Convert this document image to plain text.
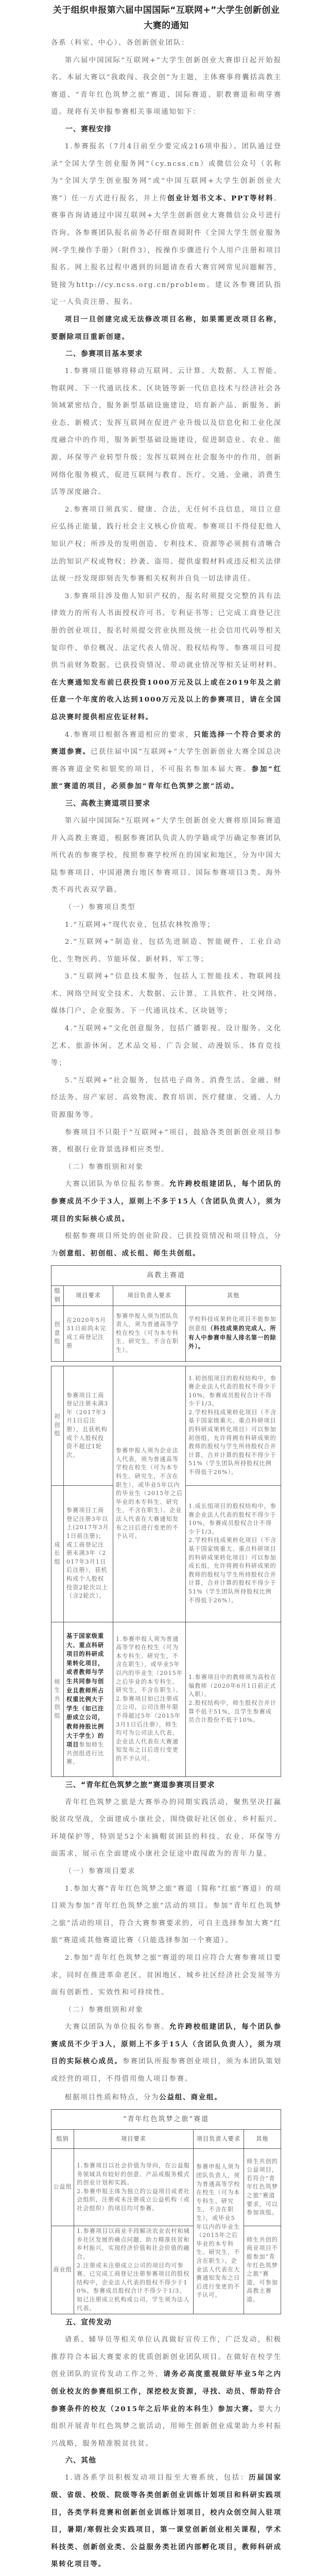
关于组织申报第六届中国国际“互联网+”大学生创新创业大赛的通知

各系（科室、中心）、各创新创业团队：

第六届中国国际“互联网+”大学生创新创业大赛即日起开始报名。本届大赛以“我敢闯、我会创”为主题，主体赛事将囊括高教主赛道、“青年红色筑梦之旅”赛道、国际赛道、职教赛道和萌芽赛道。现将有关申报参赛相关事项通知如下：

一、赛程安排

1.参赛报名（7月4日前至少要完成216项申报）。团队通过登录“全国大学生创业服务网”（cy.ncss.cn）或微信公众号（名称为“全国大学生创业服务网”或“中国互联网+大学生创新创业大赛”）任一方式进行报名，并上传创业计划书文本、PPT等材料。赛事咨询请通过中国互联网+大学生创新创业大赛微信公众号进行咨询。各参赛团队报名前务必仔细查阅附件《全国大学生创业服务网-学生操作手册》（附件3），按操作步骤进行个人用户注册和项目报名。网上报名过程中遇到的问题请查看大赛官网常见问题解答，链接为http://cy.ncss.org.cn/problem。建议各参赛团队指定一人负责注册、报名。

项目一旦创建完成无法修改项目名称，如果需更改项目名称，要删除项目重新创建。

二、参赛项目基本要求

1.参赛项目能够将移动互联网、云计算、大数据、人工智能、物联网、下一代通讯技术、区块链等新一代信息技术与经济社会各领域紧密结合，服务新型基础设施建设，培育新产品、新服务、新业态、新模式；发挥互联网在促进产业升级以及信息化和工业化深度融合中的作用，服务新型基础设施建设，促进制造业、农业、能源、环保等产业转型升级；发挥互联网在社会服务中的作用，创新网络化服务模式，促进互联网与教育、医疗、交通、金融、消费生活等深度融合。

2.参赛项目须真实、健康、合法，无任何不良信息，项目立意应弘扬正能量，践行社会主义核心价值观。参赛项目不得侵犯他人知识产权；所涉及的发明创造、专利技术、资源等必须拥有清晰合法的知识产权或物权；抄袭、盗用、提供虚假材料或违反相关法律法规一经发现即刻丧失参赛相关权利并自负一切法律责任。

3.参赛项目涉及他人知识产权的，报名时须提交完整的具有法律效力的所有人书面授权许可书、专利证书等；已完成工商登记注册的创业项目，报名时须提交营业执照及统一社会信用代码等相关复印件、单位概况、法定代表人情况、股权结构等。参赛项目可提供当前财务数据、已获投资情况、带动就业情况等相关证明材料。在大赛通知发布前已获投资1000万元及以上或在2019年及之前任意一个年度的收入达到1000万元及以上的参赛项目，请在全国总决赛时提供相应佐证材料。

4.参赛项目根据各赛道相应的要求，只能选择一个符合要求的赛道参赛。已获往届中国“互联网+”大学生创新创业大赛全国总决赛各赛道金奖和银奖的项目，不可报名参加本届大赛。参加“红旅”赛道的项目，必须参加“青年红色筑梦之旅”活动。

三、高教主赛道项目要求

第六届中国国际“互联网+”大学生创新创业大赛将原国际赛道并入高教主赛道，根据参赛团队负责人的学籍或学历确定参赛团队所代表的参赛学校，按照参赛学校所在的国家和地区，分为中国大陆参赛项目、中国港澳台地区参赛项目、国际参赛项目3类。海外类不再代表双学籍。

（一）参赛项目类型

1.“互联网+”现代农业，包括农林牧渔等；

2.“互联网+”制造业，包括先进制造、智能硬件、工业自动化、生物医药、节能环保、新材料、军工等；

3.“互联网+”信息技术服务，包括人工智能技术、物联网技术、网络空间安全技术、大数据、云计算、工具软件、社交网络、媒体门户、企业服务、下一代通讯技术、区块链等；

4.“互联网+”文化创意服务，包括广播影视、设计服务、文化艺术、旅游休闲、艺术品交易、广告会展、动漫娱乐、体育竞技等；

5.“互联网+”社会服务，包括电子商务、消费生活、金融、财经法务、房产家居、高效物流、教育培训、医疗健康、交通、人力资源服务等。

参赛项目不只限于“互联网+”项目，鼓励各类创新创业项目参赛，根据行业背景选择相应类型。

（二）参赛组别和对象

大赛以团队为单位报名参赛。允许跨校组建团队，每个团队的参赛成员不少于3人，原则上不多于15人（含团队负责人），须为项目的实际核心成员。

根据参赛项目所处的创业阶段、已获投资情况和项目特点，分为创意组、初创组、成长组、师生共创组。

高教主赛道			
组别	项目要求	项目负责人要求	其他
创意组	在2020年5月31日前尚未完成工商登记注册	参赛申报人须为团队负责人，须为普通高等学校在校生（可为本专科生、研究生，不含在职生）。	学校科技成果转化项目不能参加创意组（科技成果的完成人、所有人中参赛申报人排名第一的除外）。

初创组	参赛项目工商登记注册未满3年（2017年3月1日后注册），且获机构或个人股权投资不超过1轮次。	参赛申报人须为企业法人代表，须为普通高等学校在校生（可为本专科生、研究生，不含在职生），或毕业5年以内的毕业生（2015年之后毕业的本专科生、研究生，不含在职生）。企业法人代表在大赛通知发布之日后进行变更的不予认可。	1.初创组项目的股权结构中，参赛企业法人代表的股权不得少于10%，参赛成员股权合计不得少于1/3。
2.学校科技成果转化项目（不含基于国家级重大、重点科研项目的科研成果转化项目）可以参加初创组，允许将拥有科研成果的教师的股权与学生所持股权合并计算，合并计算的股权不得少于51%（学生团队所持股权比例不得低于26%）。
成长组	参赛项目工商登记注册3年以上(2017年3月1日前注册)；或工商登记注册未满3年（2017年3月1日后注册），获机构或个人股权投资2轮次以上（含2轮次）。		1.成长组项目的股权结构中，参赛企业法人代表的股权不得少于10%，参赛成员股权合计不得少于1/3。
2.学校科技成果转化项目（不含基于国家级重大、重点科研项目的科研成果转化项目）可以参加成长组，允许将拥有科研成果的教师的股权与学生所持股权合并计算，合并计算的股权不得少于51%（学生团队所持股权比例不得低于26%）。
师生共创组	基于国家级重大、重点科研项目的科研成果转化项目，或者教师与学生共同参与创业且教师所占权重比例大于学生（如已注册成立公司，教师持股比例大于学生）的项目参加师生共创组进行比赛。	1.参赛申报人须为普通高等学校在校生（可为本专科生、研究生，不含在职生），或毕业5年以内的毕业生（2015年之后毕业的本专科生、研究生，不含在职生）。
2.参赛项目如已注册成立公司，公司注册年限不得超过5年（2015年3月1日后注册），师生均可为公司法人代表。企业法人代表在大赛通知发布之日后进行变更的不予认可。	1.参赛项目中的教师须为高校在编教师（2020年6月1日前正式入职）。
2.股权结构中，师生股权合并计算不低于51%，且学生参赛成员合计股份不低于10%。
三、“青年红色筑梦之旅”赛道参赛项目要求

青年红色筑梦之旅是大赛举办的同期实践活动，聚焦坚决打赢脱贫攻坚战，全面建成小康社会，围绕做好社区创业、乡村振兴、环境保护等，特别是52个未摘帽贫困县的科技、农业、环保等方面需求，展示在全面建成小康社会征途中敢闯敢为的青年力量。

（一）参赛项目要求

1.参加大赛“青年红色筑梦之旅”赛道（简称“红旅”赛道）的项目须为参加“青年红色筑梦之旅”活动的项目。参加“青年红色筑梦之旅”活动的项目，符合大赛参赛要求的，可自主选择参加大赛“红旅”赛道或其他赛道比赛（只能选择参加一个赛道）。

2.参加“青年红色筑梦之旅”赛道的项目应符合大赛参赛项目要求，同时在推进革命老区、贫困地区、城乡社区经济社会发展等方面有创新性、实效性和可持续性。

（二）参赛组别和对象

大赛以团队为单位报名参赛。允许跨校组建团队，每个团队参赛成员不少于3人，原则上不多于15人（含团队负责人），须为项目的实际核心成员。参赛团队所报参赛创业项目，须为本团队策划或经营的项目，不得借用他人项目参赛。

根据项目性质和特点，分为公益组、商业组。

“青年红色筑梦之旅”赛道			
组别	项目要求	项目负责人要求	其他
公益组	1.参赛项目以社会价值为导向，在公益服务领域具有较好的创意、产品或服务模式的创业计划和实践。
2.参赛申报主体为独立的公益项目或者社会组织，注册或未注册成立公益机构（或社会组织）的项目均可参赛。	参赛申报人须为团队负责人，须为普通高等学校在校生（可为本专科生、研究生，不含在职生），或毕业5年以内的毕业生（2015年之后毕业的本专科生、研究生，不含在职生）。企业法人代表在大赛通知发布之日后进行变更的不予认可。	师生共创的公益项目，若符合“青年红色筑梦之旅”赛道要求，可以参加该组。
商业组	1.参赛项目以商业手段解决农业农村和城乡社区发展的痛点问题、助力精准扶贫和乡村振兴，实现经济价值和社会价值的融合。
2.注册或未注册成立公司的项目均可参赛。已完成工商登记注册参赛项目的股权结构中，企业法人代表的股权不得少于10%，参赛成员股权合计不得少于1/3。如已注册成立机构或公司，学生须为法人代表。		师生共创的商业项目不能参加“青年红色筑梦之旅”赛道，可参加高教主赛道。
五、宣传发动

请系、辅导员等相关单位认真做好宣传工作，广泛发动，积极推荐符合本届大赛要求的优质创新创业团队项目。在做好在校学生创业团队的宣传发动工作之外，请务必高度重视做好毕业5年之内创业校友的参赛组织工作，深挖校友资源，寻找、动员、帮助符合参赛条件的校友（2015年之后毕业的本科生）参加大赛。要大力组织开展青年红色筑梦之旅活动，用师生创新创业成果助力乡村振兴战略，服务精准脱贫扶贫。

六、其他

1.请各系学员积极发动项目报至大赛系统，包括：历届国家级、省级、校级、院级等各类创新创业训练计划项目和科研实践项目，各类学科竞赛和创新创业训练计划项目，校内众创空间入驻项目，暑期/寒假社会实践项目，第一课堂创新创业相关课程，学术科技类、创新创业类、公益服务类社团内部孵化项目，教师科研成果转化项目等。
